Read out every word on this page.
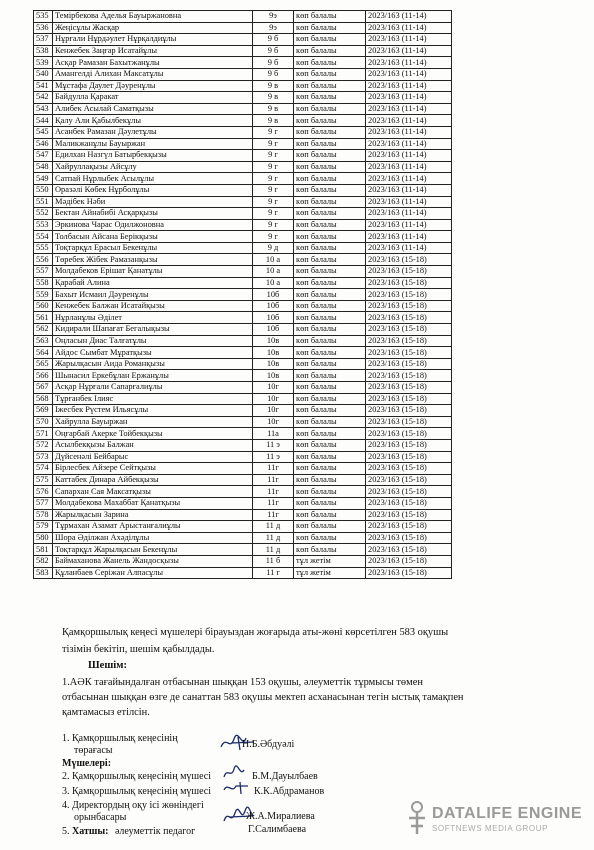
535	Темірбекова Аделья Бауыржановна	9э	көп балалы	2023/163 (11-14)
536	Жеңісұлы Жасқар	9э	көп балалы	2023/163 (11-14)
537	Нұрғали Нұрдәулет Нұрқалдиұлы	9 б	көп балалы	2023/163 (11-14)
538	Кенжебек Заңғар Исатайұлы	9 б	көп балалы	2023/163 (11-14)
539	Асқар Рамазан Бахытжанұлы	9 б	көп балалы	2023/163 (11-14)
540	Амангелді Алихан Максатұлы	9 б	көп балалы	2023/163 (11-14)
541	Мұстафа Даулет Дәуренұлы	9 в	көп балалы	2023/163 (11-14)
542	Байдулла Қаракат	9 в	көп балалы	2023/163 (11-14)
543	Алибек Асылай Саматқызы	9 в	көп балалы	2023/163 (11-14)
544	Қалу Али Қабылбекұлы	9 в	көп балалы	2023/163 (11-14)
545	Асанбек Рамазан Дәулетұлы	9 г	көп балалы	2023/163 (11-14)
546	Маликжанұлы Бауыржан	9 г	көп балалы	2023/163 (11-14)
547	Едилхан Назгүл Батырбекқызы	9 г	көп балалы	2023/163 (11-14)
548	Хайруллақызы Айсұлу	9 г	көп балалы	2023/163 (11-14)
549	Сатпай Нұрлыбек Асылұлы	9 г	көп балалы	2023/163 (11-14)
550	Оразәлі Көбек Нұрболұлы	9 г	көп балалы	2023/163 (11-14)
551	Мәдібек Нәби	9 г	көп балалы	2023/163 (11-14)
552	Бектан Айнабибі Асқарқызы	9 г	көп балалы	2023/163 (11-14)
553	Эркинова Чарас Одилжоновна	9 г	көп балалы	2023/163 (11-14)
554	Толбасын Айсана Берікқызы	9 г	көп балалы	2023/163 (11-14)
555	Тоқтарқұл Ерасыл Бекенұлы	9 д	көп балалы	2023/163 (11-14)
556	Төребек Жібек Рамазанқызы	10 а	көп балалы	2023/163 (15-18)
557	Молдабеков Ерішат Қанатұлы	10 а	көп балалы	2023/163 (15-18)
558	Қарабай Алина	10 а	көп балалы	2023/163 (15-18)
559	Бахыт Исмаил Дәуренұлы	10б	көп балалы	2023/163 (15-18)
560	Кенжебек Балжан Исатайқызы	10б	көп балалы	2023/163 (15-18)
561	Нұрланұлы Әділет	10б	көп балалы	2023/163 (15-18)
562	Кидирали Шапағат Бегалықызы	10б	көп балалы	2023/163 (15-18)
563	Оңласын Диас Талғатұлы	10в	көп балалы	2023/163 (15-18)
564	Айдос Сымбат Мұратқызы	10в	көп балалы	2023/163 (15-18)
565	Жарылқасын Аида Романқызы	10в	көп балалы	2023/163 (15-18)
566	Шынасил Еркебұлан Ержанұлы	10в	көп балалы	2023/163 (15-18)
567	Асқар Нұрғали Сапарғалиұлы	10г	көп балалы	2023/163 (15-18)
568	Тұрғанбек Ілияс	10г	көп балалы	2023/163 (15-18)
569	Іжесбек Рүстем Ильясұлы	10г	көп балалы	2023/163 (15-18)
570	Хайрулла Бауыржан	10г	көп балалы	2023/163 (15-18)
571	Оңғарбай Акерке Тойбекқызы	11а	көп балалы	2023/163 (15-18)
572	Асылбекқызы Балжан	11 э	көп балалы	2023/163 (15-18)
573	Дүйсенәлі Бейбарыс	11 э	көп балалы	2023/163 (15-18)
574	Бірлесбек Айзере Сейтқызы	11г	көп балалы	2023/163 (15-18)
575	Каттабек Динара Айбекқызы	11г	көп балалы	2023/163 (15-18)
576	Сапархан Сая Максатқызы	11г	көп балалы	2023/163 (15-18)
577	Молдабекова Махаббат Қанатқызы	11г	көп балалы	2023/163 (15-18)
578	Жарылқасын Зарина	11г	көп балалы	2023/163 (15-18)
579	Тұрмахан Азамат Арыстанғалиұлы	11 д	көп балалы	2023/163 (15-18)
580	Шора Әділжан Ахәділұлы	11 д	көп балалы	2023/163 (15-18)
581	Тоқтарқұл Жарылқасын Бекенұлы	11 д	көп балалы	2023/163 (15-18)
582	Баймаханова Жанель Жандосқызы	11 б	тұл жетім	2023/163 (15-18)
583	Құланбаев Серіжан Алпасұлы	11 г	тұл жетім	2023/163 (15-18)
Қамқоршылық кеңесі мүшелері бірауыздан жоғарыда аты-жөні көрсетілген 583 оқушы тізімін бекітіп, шешім қабылдады.
Шешім:
1.АӘК тағайындалған отбасынан шыққан 153 оқушы, әлеуметтік тұрмысы төмен отбасынан шыққан өзге де санаттан 583 оқушы мектеп асханасынан тегін ыстық тамақпен қамтамасыз етілсін.
1. Қамқоршылық кеңесінің
төрағасы
Н.Б.Әбдуәлі
Мүшелері:
2. Қамқоршылық кеңесінің мүшесі	Б.М.Дауылбаев
3. Қамқоршылық кеңесінің мүшесі	К.К.Абдраманов
4. Директордың оқу ісі жөніндегі
орынбасары	Ж.А.Миралиева
5. Хатшы: әлеуметтік педагог	Г.Салимбаева
DATALIFE ENGINE
SOFTNEWS MEDIA GROUP
